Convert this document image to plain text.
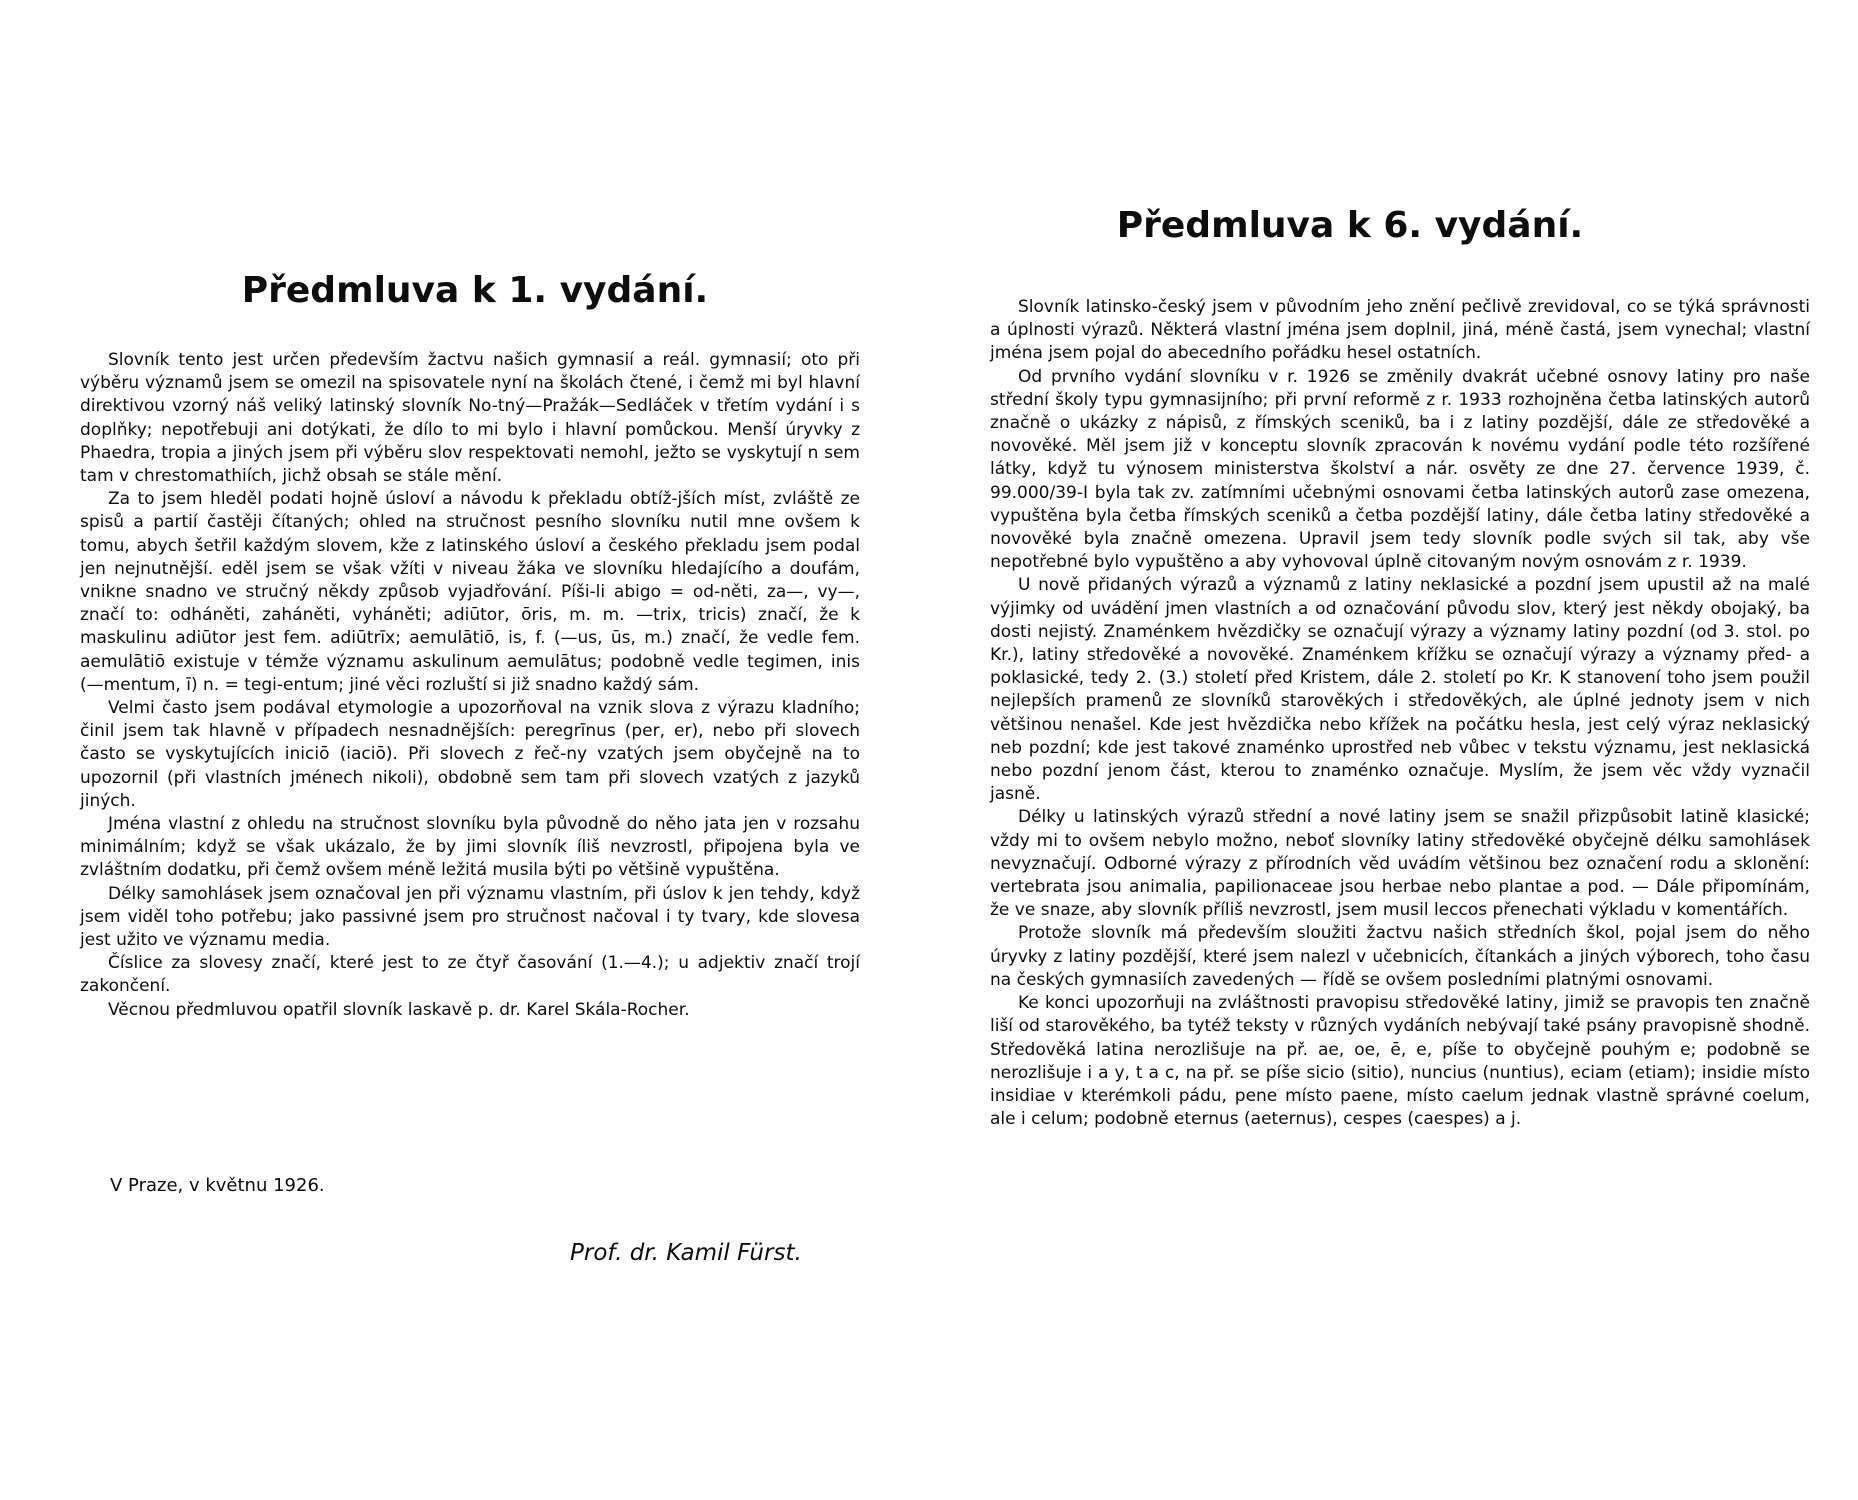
Předmluva k 1. vydání.

Slovník tento jest určen především žactvu našich gymnasií a reál. gymnasií; oto při výběru významů jsem se omezil na spisovatele nyní na školách čtené, i čemž mi byl hlavní direktivou vzorný náš veliký latinský slovník No-tný—Pražák—Sedláček v třetím vydání i s doplňky; nepotřebuji ani dotýkati, že dílo to mi bylo i hlavní pomůckou. Menší úryvky z Phaedra, tropia a jiných jsem při výběru slov respektovati nemohl, ježto se vyskytují n sem tam v chrestomathiích, jichž obsah se stále mění.

Za to jsem hleděl podati hojně úsloví a návodu k překladu obtíž-jších míst, zvláště ze spisů a partií častěji čítaných; ohled na stručnost pesního slovníku nutil mne ovšem k tomu, abych šetřil každým slovem, kže z latinského úsloví a českého překladu jsem podal jen nejnutnější. eděl jsem se však vžíti v niveau žáka ve slovníku hledajícího a doufám, vnikne snadno ve stručný někdy způsob vyjadřování. Píši-li abigo = od-něti, za—, vy—, značí to: odháněti, zaháněti, vyháněti; adiūtor, ōris, m. m. —trix, tricis) značí, že k maskulinu adiūtor jest fem. adiūtrīx; aemulātiō, is, f. (—us, ūs, m.) značí, že vedle fem. aemulātiō existuje v témže významu askulinum aemulātus; podobně vedle tegimen, inis (—mentum, ī) n. = tegi-entum; jiné věci rozluští si již snadno každý sám.

Velmi často jsem podával etymologie a upozorňoval na vznik slova z výrazu kladního; činil jsem tak hlavně v případech nesnadnějších: peregrīnus (per, er), nebo při slovech často se vyskytujících iniciō (iaciō). Při slovech z řeč-ny vzatých jsem obyčejně na to upozornil (při vlastních jménech nikoli), obdobně sem tam při slovech vzatých z jazyků jiných.

Jména vlastní z ohledu na stručnost slovníku byla původně do něho jata jen v rozsahu minimálním; když se však ukázalo, že by jimi slovník íliš nevzrostl, připojena byla ve zvláštním dodatku, při čemž ovšem méně ležitá musila býti po většině vypuštěna.

Délky samohlásek jsem označoval jen při významu vlastním, při úslov k jen tehdy, když jsem viděl toho potřebu; jako passivné jsem pro stručnost načoval i ty tvary, kde slovesa jest užito ve významu media.

Číslice za slovesy značí, které jest to ze čtyř časování (1.—4.); u adjektiv značí trojí zakončení.

Věcnou předmluvou opatřil slovník laskavě p. dr. Karel Skála-Rocher.

V Praze, v květnu 1926.

Prof. dr. Kamil Fürst.

Předmluva k 6. vydání.

Slovník latinsko-český jsem v původním jeho znění pečlivě zrevidoval, co se týká správnosti a úplnosti výrazů. Některá vlastní jména jsem doplnil, jiná, méně častá, jsem vynechal; vlastní jména jsem pojal do abecedního pořádku hesel ostatních.

Od prvního vydání slovníku v r. 1926 se změnily dvakrát učebné osnovy latiny pro naše střední školy typu gymnasijního; při první reformě z r. 1933 rozhojněna četba latinských autorů značně o ukázky z nápisů, z římských sceniků, ba i z latiny pozdější, dále ze středověké a novověké. Měl jsem již v konceptu slovník zpracován k novému vydání podle této rozšířené látky, když tu výnosem ministerstva školství a nár. osvěty ze dne 27. července 1939, č. 99.000/39-I byla tak zv. zatímními učebnými osnovami četba latinských autorů zase omezena, vypuštěna byla četba římských sceniků a četba pozdější latiny, dále četba latiny středověké a novověké byla značně omezena. Upravil jsem tedy slovník podle svých sil tak, aby vše nepotřebné bylo vypuštěno a aby vyhovoval úplně citovaným novým osnovám z r. 1939.

U nově přidaných výrazů a významů z latiny neklasické a pozdní jsem upustil až na malé výjimky od uvádění jmen vlastních a od označování původu slov, který jest někdy obojaký, ba dosti nejistý. Znaménkem hvězdičky se označují výrazy a významy latiny pozdní (od 3. stol. po Kr.), latiny středověké a novověké. Znaménkem křížku se označují výrazy a významy před- a poklasické, tedy 2. (3.) století před Kristem, dále 2. století po Kr. K stanovení toho jsem použil nejlepších pramenů ze slovníků starověkých i středověkých, ale úplné jednoty jsem v nich většinou nenašel. Kde jest hvězdička nebo křížek na počátku hesla, jest celý výraz neklasický neb pozdní; kde jest takové znaménko uprostřed neb vůbec v tekstu významu, jest neklasická nebo pozdní jenom část, kterou to znaménko označuje. Myslím, že jsem věc vždy vyznačil jasně.

Délky u latinských výrazů střední a nové latiny jsem se snažil přizpůsobit latině klasické; vždy mi to ovšem nebylo možno, neboť slovníky latiny středověké obyčejně délku samohlásek nevyznačují. Odborné výrazy z přírodních věd uvádím většinou bez označení rodu a sklonění: vertebrata jsou animalia, papilionaceae jsou herbae nebo plantae a pod. — Dále připomínám, že ve snaze, aby slovník příliš nevzrostl, jsem musil leccos přenechati výkladu v komentářích.

Protože slovník má především sloužiti žactvu našich středních škol, pojal jsem do něho úryvky z latiny pozdější, které jsem nalezl v učebnicích, čítankách a jiných výborech, toho času na českých gymnasiích zavedených — řídě se ovšem posledními platnými osnovami.

Ke konci upozorňuji na zvláštnosti pravopisu středověké latiny, jimiž se pravopis ten značně liší od starověkého, ba tytéž teksty v různých vydáních nebývají také psány pravopisně shodně. Středověká latina nerozlišuje na př. ae, oe, ē, e, píše to obyčejně pouhým e; podobně se nerozlišuje i a y, t a c, na př. se píše sicio (sitio), nuncius (nuntius), eciam (etiam); insidie místo insidiae v kterémkoli pádu, pene místo paene, místo caelum jednak vlastně správné coelum, ale i celum; podobně eternus (aeternus), cespes (caespes) a j.
